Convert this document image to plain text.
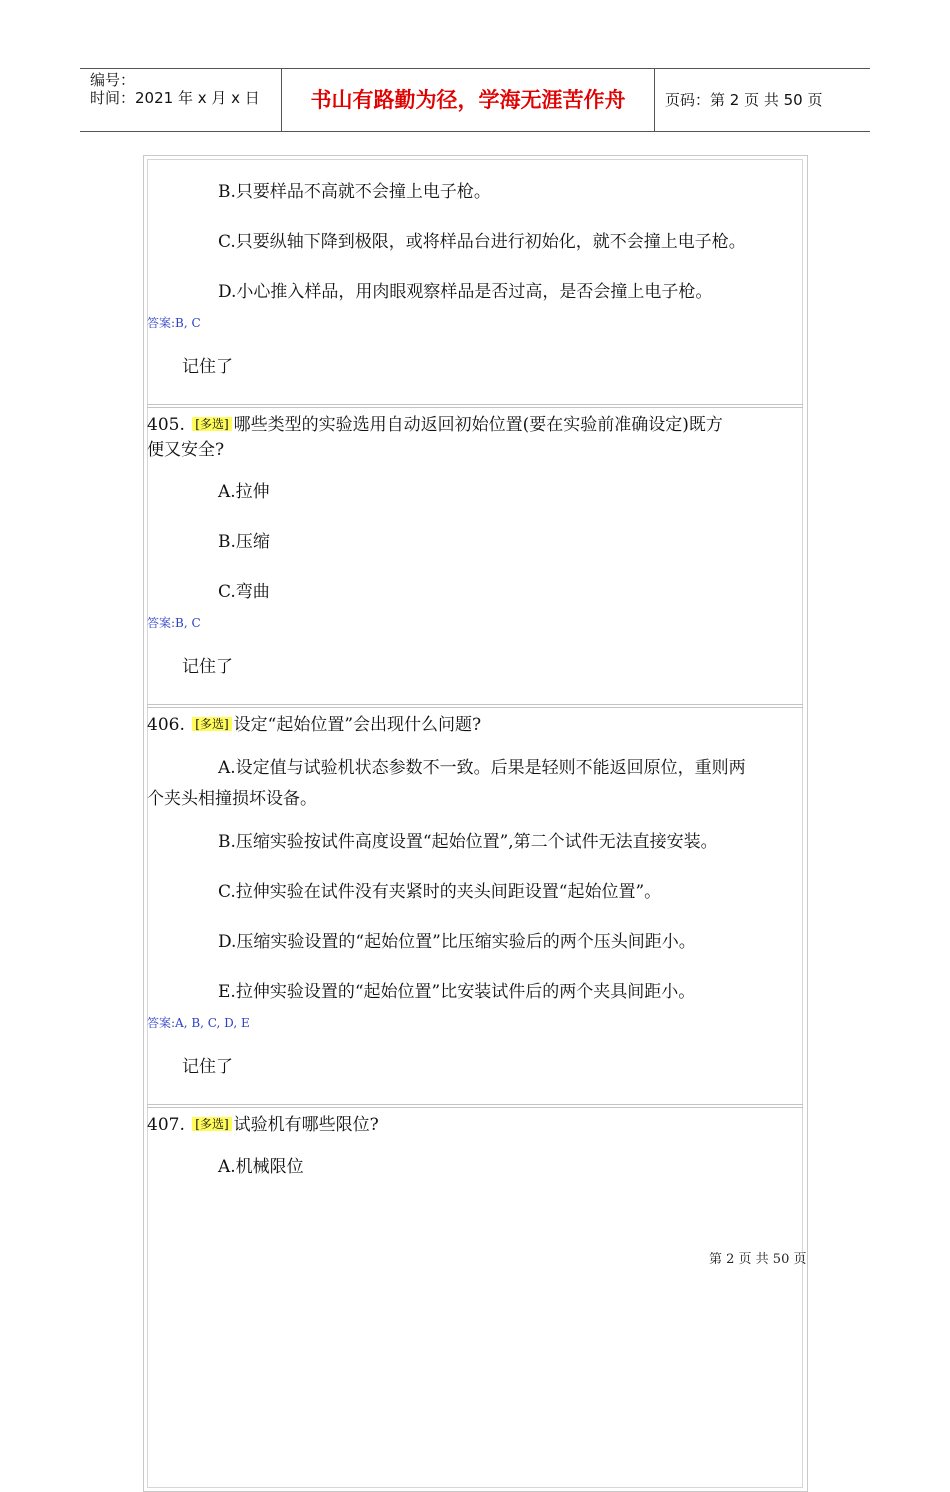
编号：
时间：2021 年 x 月 x 日	书山有路勤为径，学海无涯苦作舟	页码：第 2 页 共 50 页
B.只要样品不高就不会撞上电子枪。
C.只要纵轴下降到极限，或将样品台进行初始化，就不会撞上电子枪。
D.小心推入样品，用肉眼观察样品是否过高，是否会撞上电子枪。
答案:B, C
记住了
405. [多选] 哪些类型的实验选用自动返回初始位置(要在实验前准确设定)既方
便又安全?
A.拉伸
B.压缩
C.弯曲
答案:B, C
记住了
406. [多选] 设定“起始位置”会出现什么问题?
A.设定值与试验机状态参数不一致。后果是轻则不能返回原位，重则两
个夹头相撞损坏设备。
B.压缩实验按试件高度设置“起始位置”,第二个试件无法直接安装。
C.拉伸实验在试件没有夹紧时的夹头间距设置“起始位置”。
D.压缩实验设置的“起始位置”比压缩实验后的两个压头间距小。
E.拉伸实验设置的“起始位置”比安装试件后的两个夹具间距小。
答案:A, B, C, D, E
记住了
407. [多选] 试验机有哪些限位?
A.机械限位
第 2 页 共 50 页
